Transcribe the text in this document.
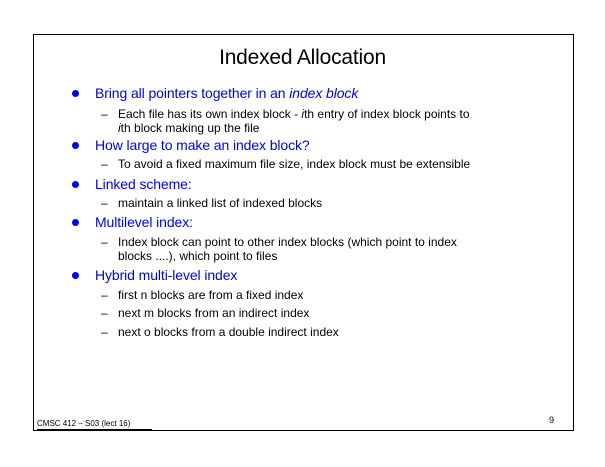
Indexed Allocation
Bring all pointers together in an index block
– Each file has its own index block - ith entry of index block points to
ith block making up the file
How large to make an index block?
– To avoid a fixed maximum file size, index block must be extensible
Linked scheme:
– maintain a linked list of indexed blocks
Multilevel index:
– Index block can point to other index blocks (which point to index
blocks ....), which point to files
Hybrid multi-level index
– first n blocks are from a fixed index
– next m blocks from an indirect index
– next o blocks from a double indirect index
CMSC 412 – S03 (lect 16)	9
